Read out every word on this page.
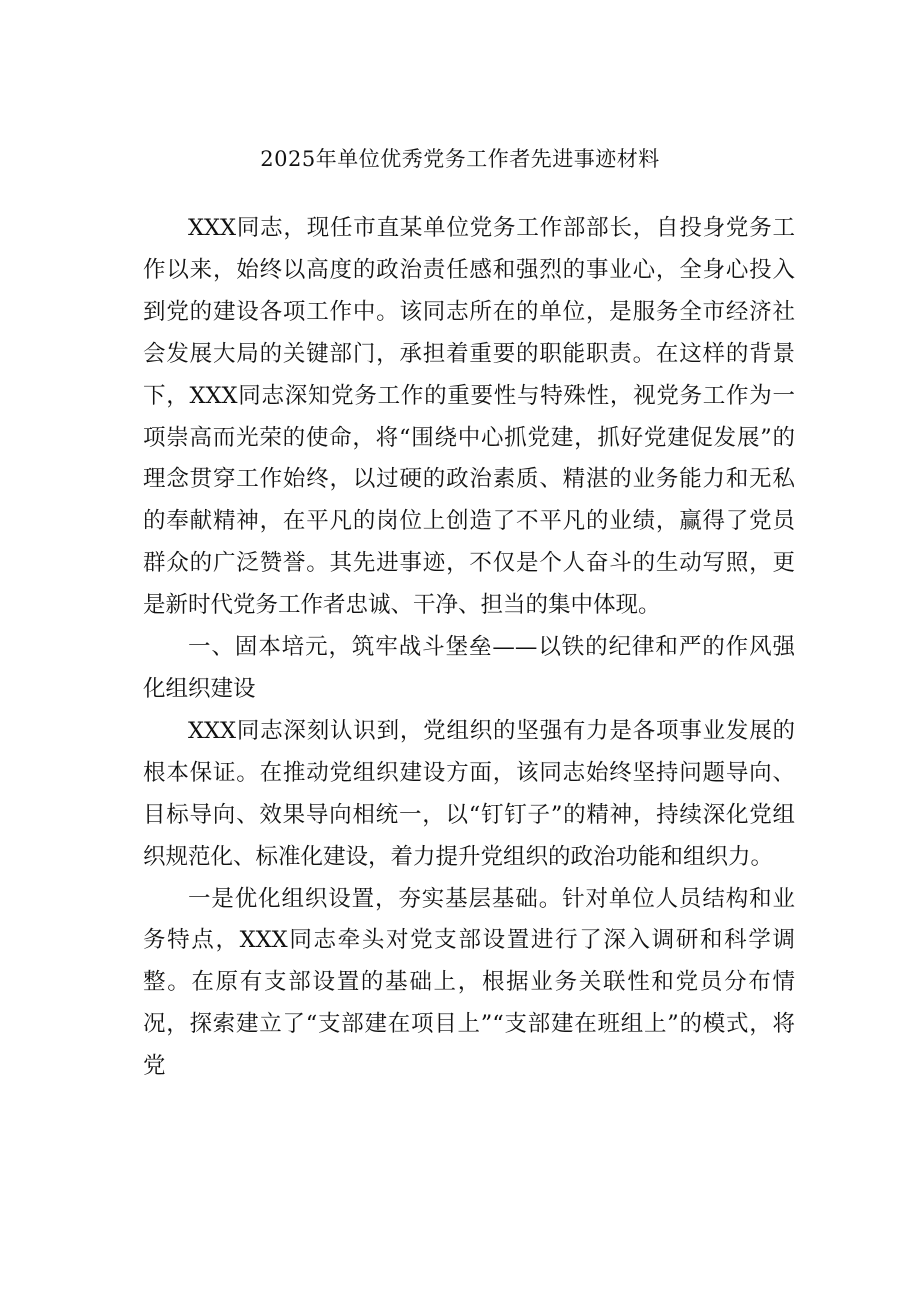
2025年单位优秀党务工作者先进事迹材料

XXX同志，现任市直某单位党务工作部部长，自投身党务工作以来，始终以高度的政治责任感和强烈的事业心，全身心投入到党的建设各项工作中。该同志所在的单位，是服务全市经济社会发展大局的关键部门，承担着重要的职能职责。在这样的背景下，XXX同志深知党务工作的重要性与特殊性，视党务工作为一项崇高而光荣的使命，将“围绕中心抓党建，抓好党建促发展”的理念贯穿工作始终，以过硬的政治素质、精湛的业务能力和无私的奉献精神，在平凡的岗位上创造了不平凡的业绩，赢得了党员群众的广泛赞誉。其先进事迹，不仅是个人奋斗的生动写照，更是新时代党务工作者忠诚、干净、担当的集中体现。

一、固本培元，筑牢战斗堡垒——以铁的纪律和严的作风强化组织建设

XXX同志深刻认识到，党组织的坚强有力是各项事业发展的根本保证。在推动党组织建设方面，该同志始终坚持问题导向、目标导向、效果导向相统一，以“钉钉子”的精神，持续深化党组织规范化、标准化建设，着力提升党组织的政治功能和组织力。

一是优化组织设置，夯实基层基础。针对单位人员结构和业务特点，XXX同志牵头对党支部设置进行了深入调研和科学调整。在原有支部设置的基础上，根据业务关联性和党员分布情况，探索建立了“支部建在项目上”“支部建在班组上”的模式，将党
